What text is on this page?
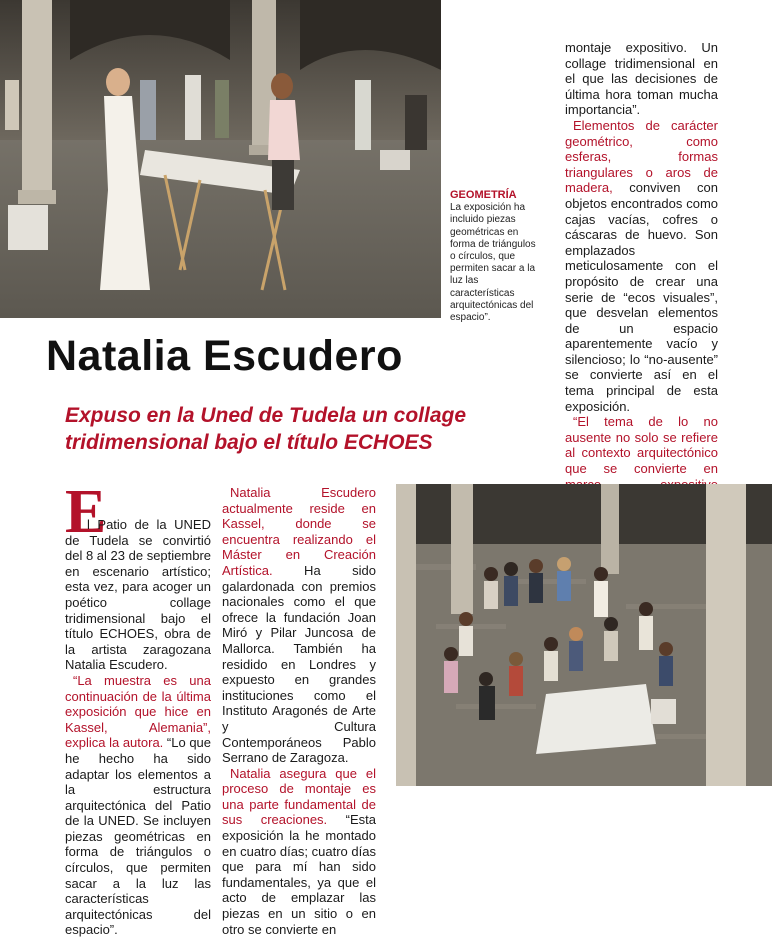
GEOMETRÍA
La exposición ha incluido piezas geométricas en forma de triángulos o círculos, que permiten sacar a la luz las características arquitectónicas del espacio”.

montaje expositivo. Un collage tridimensional en el que las decisiones de última hora toman mucha importancia”.

Elementos de carácter geométrico, como esferas, formas triangulares o aros de madera, conviven con objetos encontrados como cajas vacías, cofres o cáscaras de huevo. Son emplazados meticulosamente con el propósito de crear una serie de “ecos visuales”, que desvelan elementos de un espacio aparentemente vacío y silencioso; lo “no-ausente” se convierte así en el tema principal de esta exposición.

“El tema de lo no ausente no solo se refiere al contexto arquitectónico que se convierte en

Natalia Escudero
Expuso en la Uned de Tudela un collage tridimensional bajo el título ECHOES
E

l Patio de la UNED de Tudela se convirtió del 8 al 23 de septiembre en escenario artístico; esta vez, para acoger un poético collage tridimensional bajo el título ECHOES, obra de la artista zaragozana Natalia Escudero.

“La muestra es una continuación de la última exposición que hice en Kassel, Alemania”, explica la autora. “Lo que he hecho ha sido adaptar los elementos a la estructura arquitectónica del Patio de la UNED. Se incluyen piezas geométricas en forma de triángulos o círculos, que permiten sacar a la luz las características arquitectónicas del espacio”.

Natalia Escudero actualmente reside en Kassel, donde se encuentra realizando el Máster en Creación Artística. Ha sido galardonada con premios nacionales como el que ofrece la fundación Joan Miró y Pilar Juncosa de Mallorca. También ha residido en Londres y expuesto en grandes instituciones como el Instituto Aragonés de Arte y Cultura Contemporáneos Pablo Serrano de Zaragoza.

Natalia asegura que el proceso de montaje es una parte fundamental de sus creaciones. “Esta exposición la he montado en cuatro días; cuatro días que para mí han sido fundamentales, ya que el acto de emplazar las piezas en un sitio o en otro se convierte en
